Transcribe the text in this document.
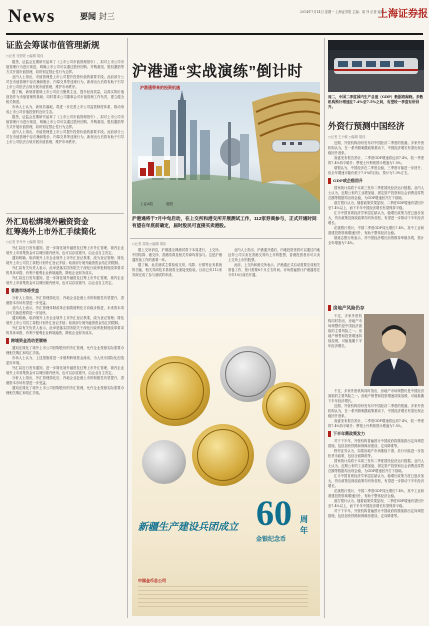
News	要闻 封三	2014年7月14日 星期一 上海证券报 主编：周 刊 记者 编辑
上海证券报
证监会筹谋市值管理新规
○记者 马婷婷 ○编辑 胡伟

据悉，证监会近期研究起草了《上市公司市值管理指引》，拟对上市公司市值管理行为进行规范，明确上市公司可以通过股份回购、并购重组、股权激励等方式开展市值管理，同时划定禁止性行为边界。

业内人士指出，市值管理是上市公司提升投资价值的重要手段。此前部分公司在市值管理中存在操纵股价、内幕交易等违规行为，新规出台后将有助于引导上市公司依法合规开展市值管理，维护市场秩序。

据了解，新规将强调上市公司应当聚焦主业，提升经营质量，以真实的价值创造作为市值管理的基础；同时要求公司董事会对市值管理工作负责，建立健全相关制度。

市场人士认为，新规若落地，将进一步完善上市公司监管制度体系，推动形成上市公司价值投资的良好生态。

据悉，证监会近期研究起草了《上市公司市值管理指引》，拟对上市公司市值管理行为进行规范，明确上市公司可以通过股份回购、并购重组、股权激励等方式开展市值管理，同时划定禁止性行为边界。

业内人士指出，市值管理是上市公司提升投资价值的重要手段。此前部分公司在市值管理中存在操纵股价、内幕交易等违规行为，新规出台后将有助于引导上市公司依法合规开展市值管理，维护市场秩序。

外汇局松绑境外融资资金
红筹海外上市外汇手续简化
○记者 李丹丹 ○编辑 胡伟

外汇局近日发布通知，进一步简化境外融资及红筹上市外汇管理，境内企业境外上市募集资金可以调回境内使用，也可以存放境外，由企业自主决定。

通知明确，取消境外上市企业境外上市外汇登记核准，改为登记管理；简化境外上市公司员工持股计划外汇登记手续；取消部分境外融资资金结汇的限制。

外汇局有关负责人表示，此举是落实国务院关于深化行政审批制度改革要求的具体举措，有利于便利企业跨境融资，降低企业财务成本。

外汇局近日发布通知，进一步简化境外融资及红筹上市外汇管理，境内企业境外上市募集资金可以调回境内使用，也可以存放境外，由企业自主决定。

香港市场将受益

分析人士指出，外汇管理简化后，内地企业赴港上市的积极性有望提升，香港资本市场有望进一步受益。

业内人士表示，外汇管理体制改革正朝着便利化方向稳步推进，未来资本项目可兑换进程将进一步加快。

通知明确，取消境外上市企业境外上市外汇登记核准，改为登记管理；简化境外上市公司员工持股计划外汇登记手续；取消部分境外融资资金结汇的限制。

外汇局有关负责人表示，此举是落实国务院关于深化行政审批制度改革要求的具体举措，有利于便利企业跨境融资，降低企业财务成本。

跨境资金流动更顺畅

通知还简化了境外上市公司回购股份的外汇管理，允许企业按照实际需要办理相关购汇和结汇手续。

市场人士认为，上述措施将进一步便利跨境资金流动，为人民币国际化创造更好环境。

外汇局近日发布通知，进一步简化境外融资及红筹上市外汇管理，境内企业境外上市募集资金可以调回境内使用，也可以存放境外，由企业自主决定。

分析人士指出，外汇管理简化后，内地企业赴港上市的积极性有望提升，香港资本市场有望进一步受益。

通知还简化了境外上市公司回购股份的外汇管理，允许企业按照实际需要办理相关购汇和结汇手续。

沪港通“实战演练”倒计时
沪港通带来的投资机遇
上证A股	港股
沪港通将于7月中旬启动，在上交所和港交所开展测试工作，112家券商参与，正式开通时间有望在年底前确定，届时股民可直接买卖港股。
○记者 刘翔 ○编辑 胡伟

据上交所消息，沪港通全网测试将于本周进行，上交所、中国结算、港交所、香港结算及相关券商均将参与。这是沪港通准备工作的重要一环。

据了解，此次测试主要检验交易、结算、行情等业务系统的功能，相关券商技术系统将全面接受检验。目前已有112家券商完成了参与测试的申请。

业内人士指出，沪港通开通后，内地投资者将可以通过内地证券公司买卖在香港交易所上市的股票，香港投资者亦可买卖上交所上市的股票。

此前，上交所和港交所表示，沪港通正式启动需要完成相关准备工作，预计需要6个月左右时间。市场普遍预计沪港通将在今年10月前后开通。

新疆生产建设兵团成立 60 周年
金银纪念币
中国金币总公司
周二，中国二季度国内生产总值（GDP）数据将揭晓。多数机构预计增速在7.4%至7.5%之间，有望较一季度有所回升。
外资行预测中国经济
○记者 王小敏 ○编辑 胡伟

近期，外资机构纷纷发布对中国经济二季度的预测。多家外资机构认为，在一系列微刺激政策推动下，中国经济增长有望出现企稳回升迹象。

高盛发布报告预计，二季度GDP增速将达到7.4%，较一季度的7.4%持平略升；摩根士丹利则预计增速为7.5%。

瑞银认为，中国经济在二季度企稳，三季度可能进一步回升，但全年增速可能仍低于7.5%的目标，预计为7.3%左右。

GDP或企稳回升

国家统计局将于本周三发布二季度国民经济运行数据。业内人士认为，近期公布的工业增加值、固定资产投资和社会消费品零售总额等数据均出现企稳，为GDP增速回升打下基础。

渣打银行认为，随着政策效果显现，二季度GDP增速有望回升至7.4%以上，而下半年中国经济增长有望保持平稳。

汇丰中国首席经济学家屈宏斌认为，稳增长政策力度已逐步加大，货币政策及财政政策均有所放松，有望进一步推动下半年经济增长。

花旗银行预计，中国二季度GDP同比增长7.4%，其中工业和基建投资领域增速回升，有助于整体经济企稳。

德意志银行则表示，对中国经济增长前景维持审慎乐观，预计全年增速为7.4%。

房地产风险仍存

不过，多家外资机构同时指出，房地产市场调整仍是中国经济面临的主要风险之一。房地产销售和投资增速持续放缓，可能拖累下半年经济增长。

不过，多家外资机构同时指出，房地产市场调整仍是中国经济面临的主要风险之一。房地产销售和投资增速持续放缓，可能拖累下半年经济增长。

近期，外资机构纷纷发布对中国经济二季度的预测。多家外资机构认为，在一系列微刺激政策推动下，中国经济增长有望出现企稳回升迹象。

高盛发布报告预计，二季度GDP增速将达到7.4%，较一季度的7.4%持平略升；摩根士丹利则预计增速为7.5%。

下半年需政策发力

对于下半年，外资机构普遍预计中国政府将继续推出定向调控措施，包括加快铁路和保障房建设、定向降准等。

野村证券认为，如果房地产市场继续下滑，央行可能进一步放松货币政策，包括全面降准等。

国家统计局将于本周三发布二季度国民经济运行数据。业内人士认为，近期公布的工业增加值、固定资产投资和社会消费品零售总额等数据均出现企稳，为GDP增速回升打下基础。

汇丰中国首席经济学家屈宏斌认为，稳增长政策力度已逐步加大，货币政策及财政政策均有所放松，有望进一步推动下半年经济增长。

花旗银行预计，中国二季度GDP同比增长7.4%，其中工业和基建投资领域增速回升，有助于整体经济企稳。

渣打银行认为，随着政策效果显现，二季度GDP增速有望回升至7.4%以上，而下半年中国经济增长有望保持平稳。

对于下半年，外资机构普遍预计中国政府将继续推出定向调控措施，包括加快铁路和保障房建设、定向降准等。
